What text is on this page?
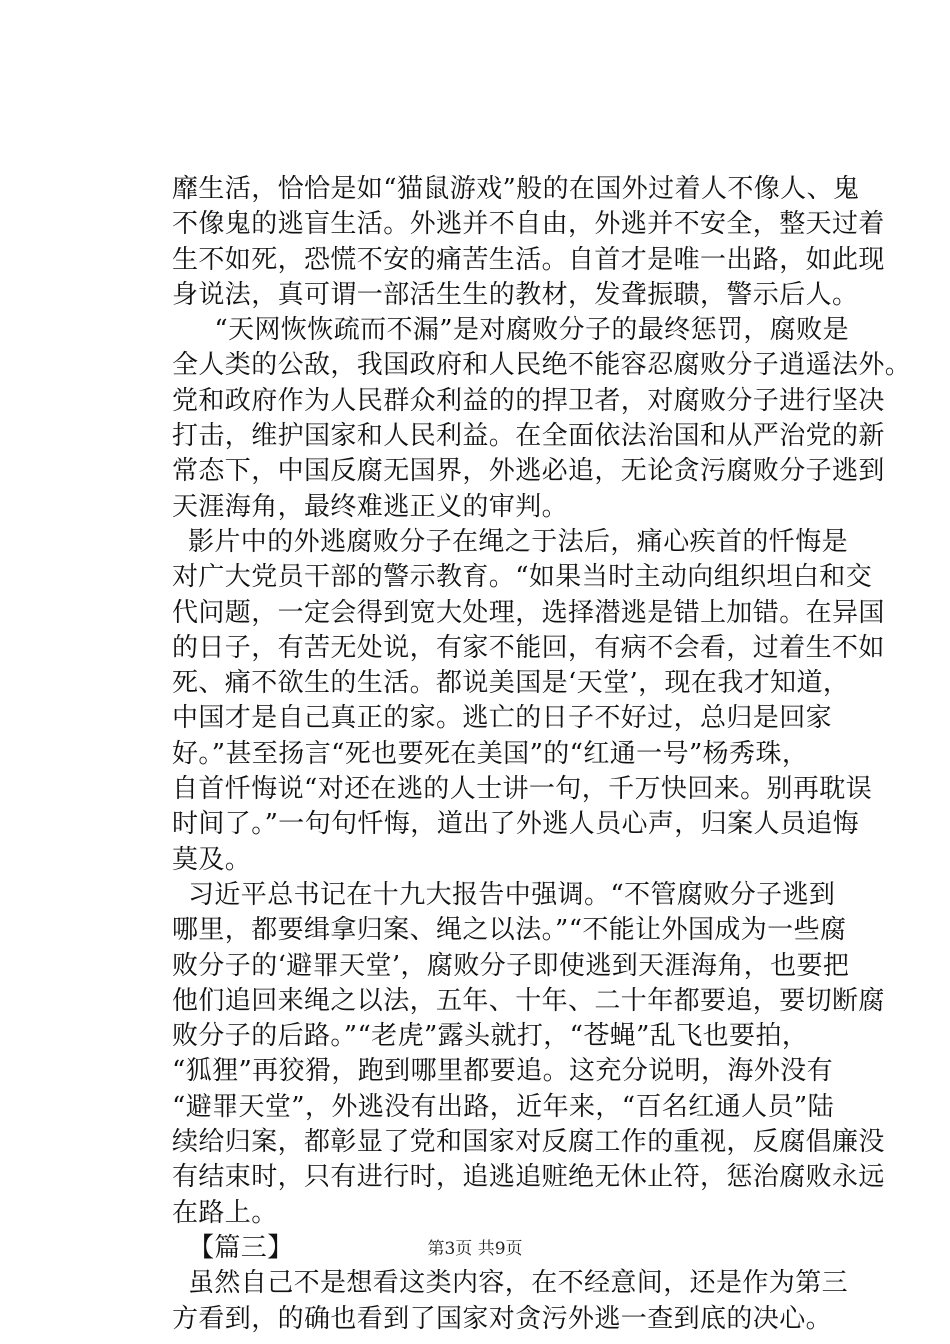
靡生活，恰恰是如“猫鼠游戏”般的在国外过着人不像人、鬼
不像鬼的逃盲生活。外逃并不自由，外逃并不安全，整天过着
生不如死，恐慌不安的痛苦生活。自首才是唯一出路，如此现
身说法，真可谓一部活生生的教材，发聋振聩，警示后人。
　“天网恢恢疏而不漏”是对腐败分子的最终惩罚，腐败是
全人类的公敌，我国政府和人民绝不能容忍腐败分子逍遥法外。
党和政府作为人民群众利益的的捍卫者，对腐败分子进行坚决
打击，维护国家和人民利益。在全面依法治国和从严治党的新
常态下，中国反腐无国界，外逃必追，无论贪污腐败分子逃到
天涯海角，最终难逃正义的审判。
影片中的外逃腐败分子在绳之于法后，痛心疾首的忏悔是
对广大党员干部的警示教育。“如果当时主动向组织坦白和交
代问题，一定会得到宽大处理，选择潜逃是错上加错。在异国
的日子，有苦无处说，有家不能回，有病不会看，过着生不如
死、痛不欲生的生活。都说美国是‘天堂’，现在我才知道，
中国才是自己真正的家。逃亡的日子不好过，总归是回家
好。”甚至扬言“死也要死在美国”的“红通一号”杨秀珠，
自首忏悔说“对还在逃的人士讲一句，千万快回来。别再耽误
时间了。”一句句忏悔，道出了外逃人员心声，归案人员追悔
莫及。
习近平总书记在十九大报告中强调。“不管腐败分子逃到
哪里，都要缉拿归案、绳之以法。”“不能让外国成为一些腐
败分子的‘避罪天堂’，腐败分子即使逃到天涯海角，也要把
他们追回来绳之以法，五年、十年、二十年都要追，要切断腐
败分子的后路。”“老虎”露头就打，“苍蝇”乱飞也要拍，
“狐狸”再狡猾，跑到哪里都要追。这充分说明，海外没有
“避罪天堂”，外逃没有出路，近年来，“百名红通人员”陆
续给归案，都彰显了党和国家对反腐工作的重视，反腐倡廉没
有结束时，只有进行时，追逃追赃绝无休止符，惩治腐败永远
在路上。
【篇三】
虽然自己不是想看这类内容，在不经意间，还是作为第三
方看到，的确也看到了国家对贪污外逃一查到底的决心。
第3页 共9页
